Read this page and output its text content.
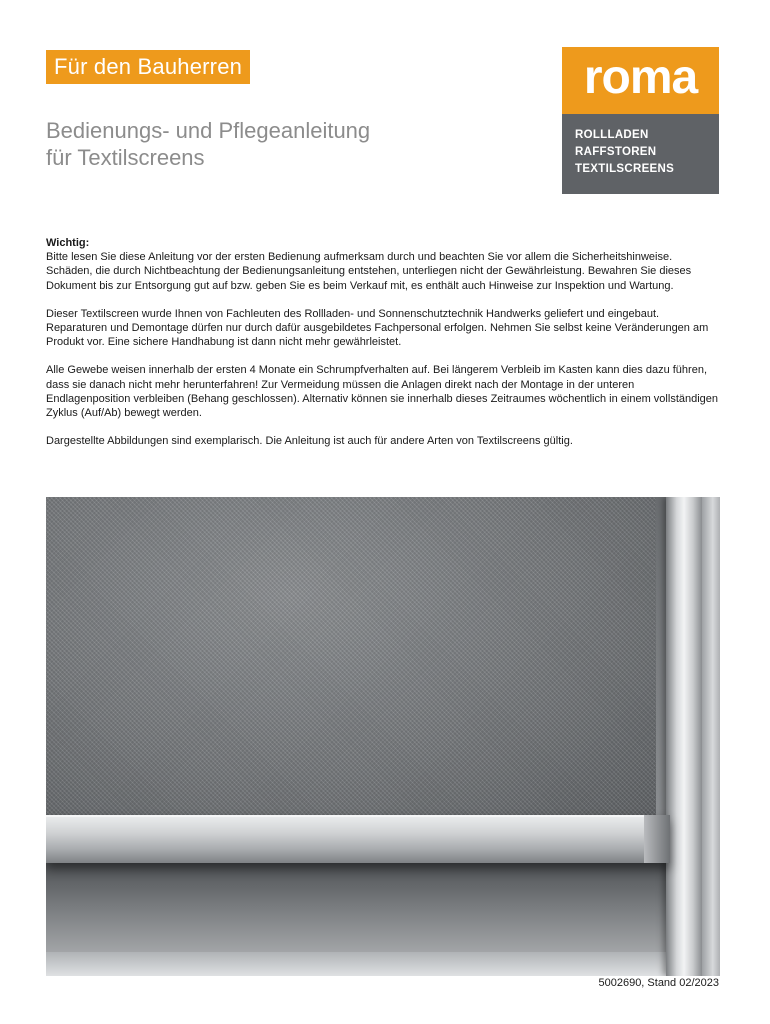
Für den Bauherren
Bedienungs- und Pflegeanleitung
für Textilscreens
roma
ROLLLADEN
RAFFSTOREN
TEXTILSCREENS

Wichtig:

Bitte lesen Sie diese Anleitung vor der ersten Bedienung aufmerksam durch und beachten Sie vor allem die Sicherheitshinweise. Schäden, die durch Nichtbeachtung der Bedienungsanleitung entstehen, unterliegen nicht der Gewährleistung. Bewahren Sie dieses Dokument bis zur Entsorgung gut auf bzw. geben Sie es beim Verkauf mit, es enthält auch Hinweise zur Inspektion und Wartung.

Dieser Textilscreen wurde Ihnen von Fachleuten des Rollladen- und Sonnenschutztechnik Handwerks geliefert und eingebaut. Reparaturen und Demontage dürfen nur durch dafür ausgebildetes Fachpersonal erfolgen. Nehmen Sie selbst keine Veränderungen am Produkt vor. Eine sichere Handhabung ist dann nicht mehr gewährleistet.

Alle Gewebe weisen innerhalb der ersten 4 Monate ein Schrumpfverhalten auf. Bei längerem Verbleib im Kasten kann dies dazu führen, dass sie danach nicht mehr herunterfahren! Zur Vermeidung müssen die Anlagen direkt nach der Montage in der unteren Endlagenposition verbleiben (Behang geschlossen). Alternativ können sie innerhalb dieses Zeitraumes wöchentlich in einem vollständigen Zyklus (Auf/Ab) bewegt werden.

Dargestellte Abbildungen sind exemplarisch. Die Anleitung ist auch für andere Arten von Textilscreens gültig.

5002690, Stand 02/2023
